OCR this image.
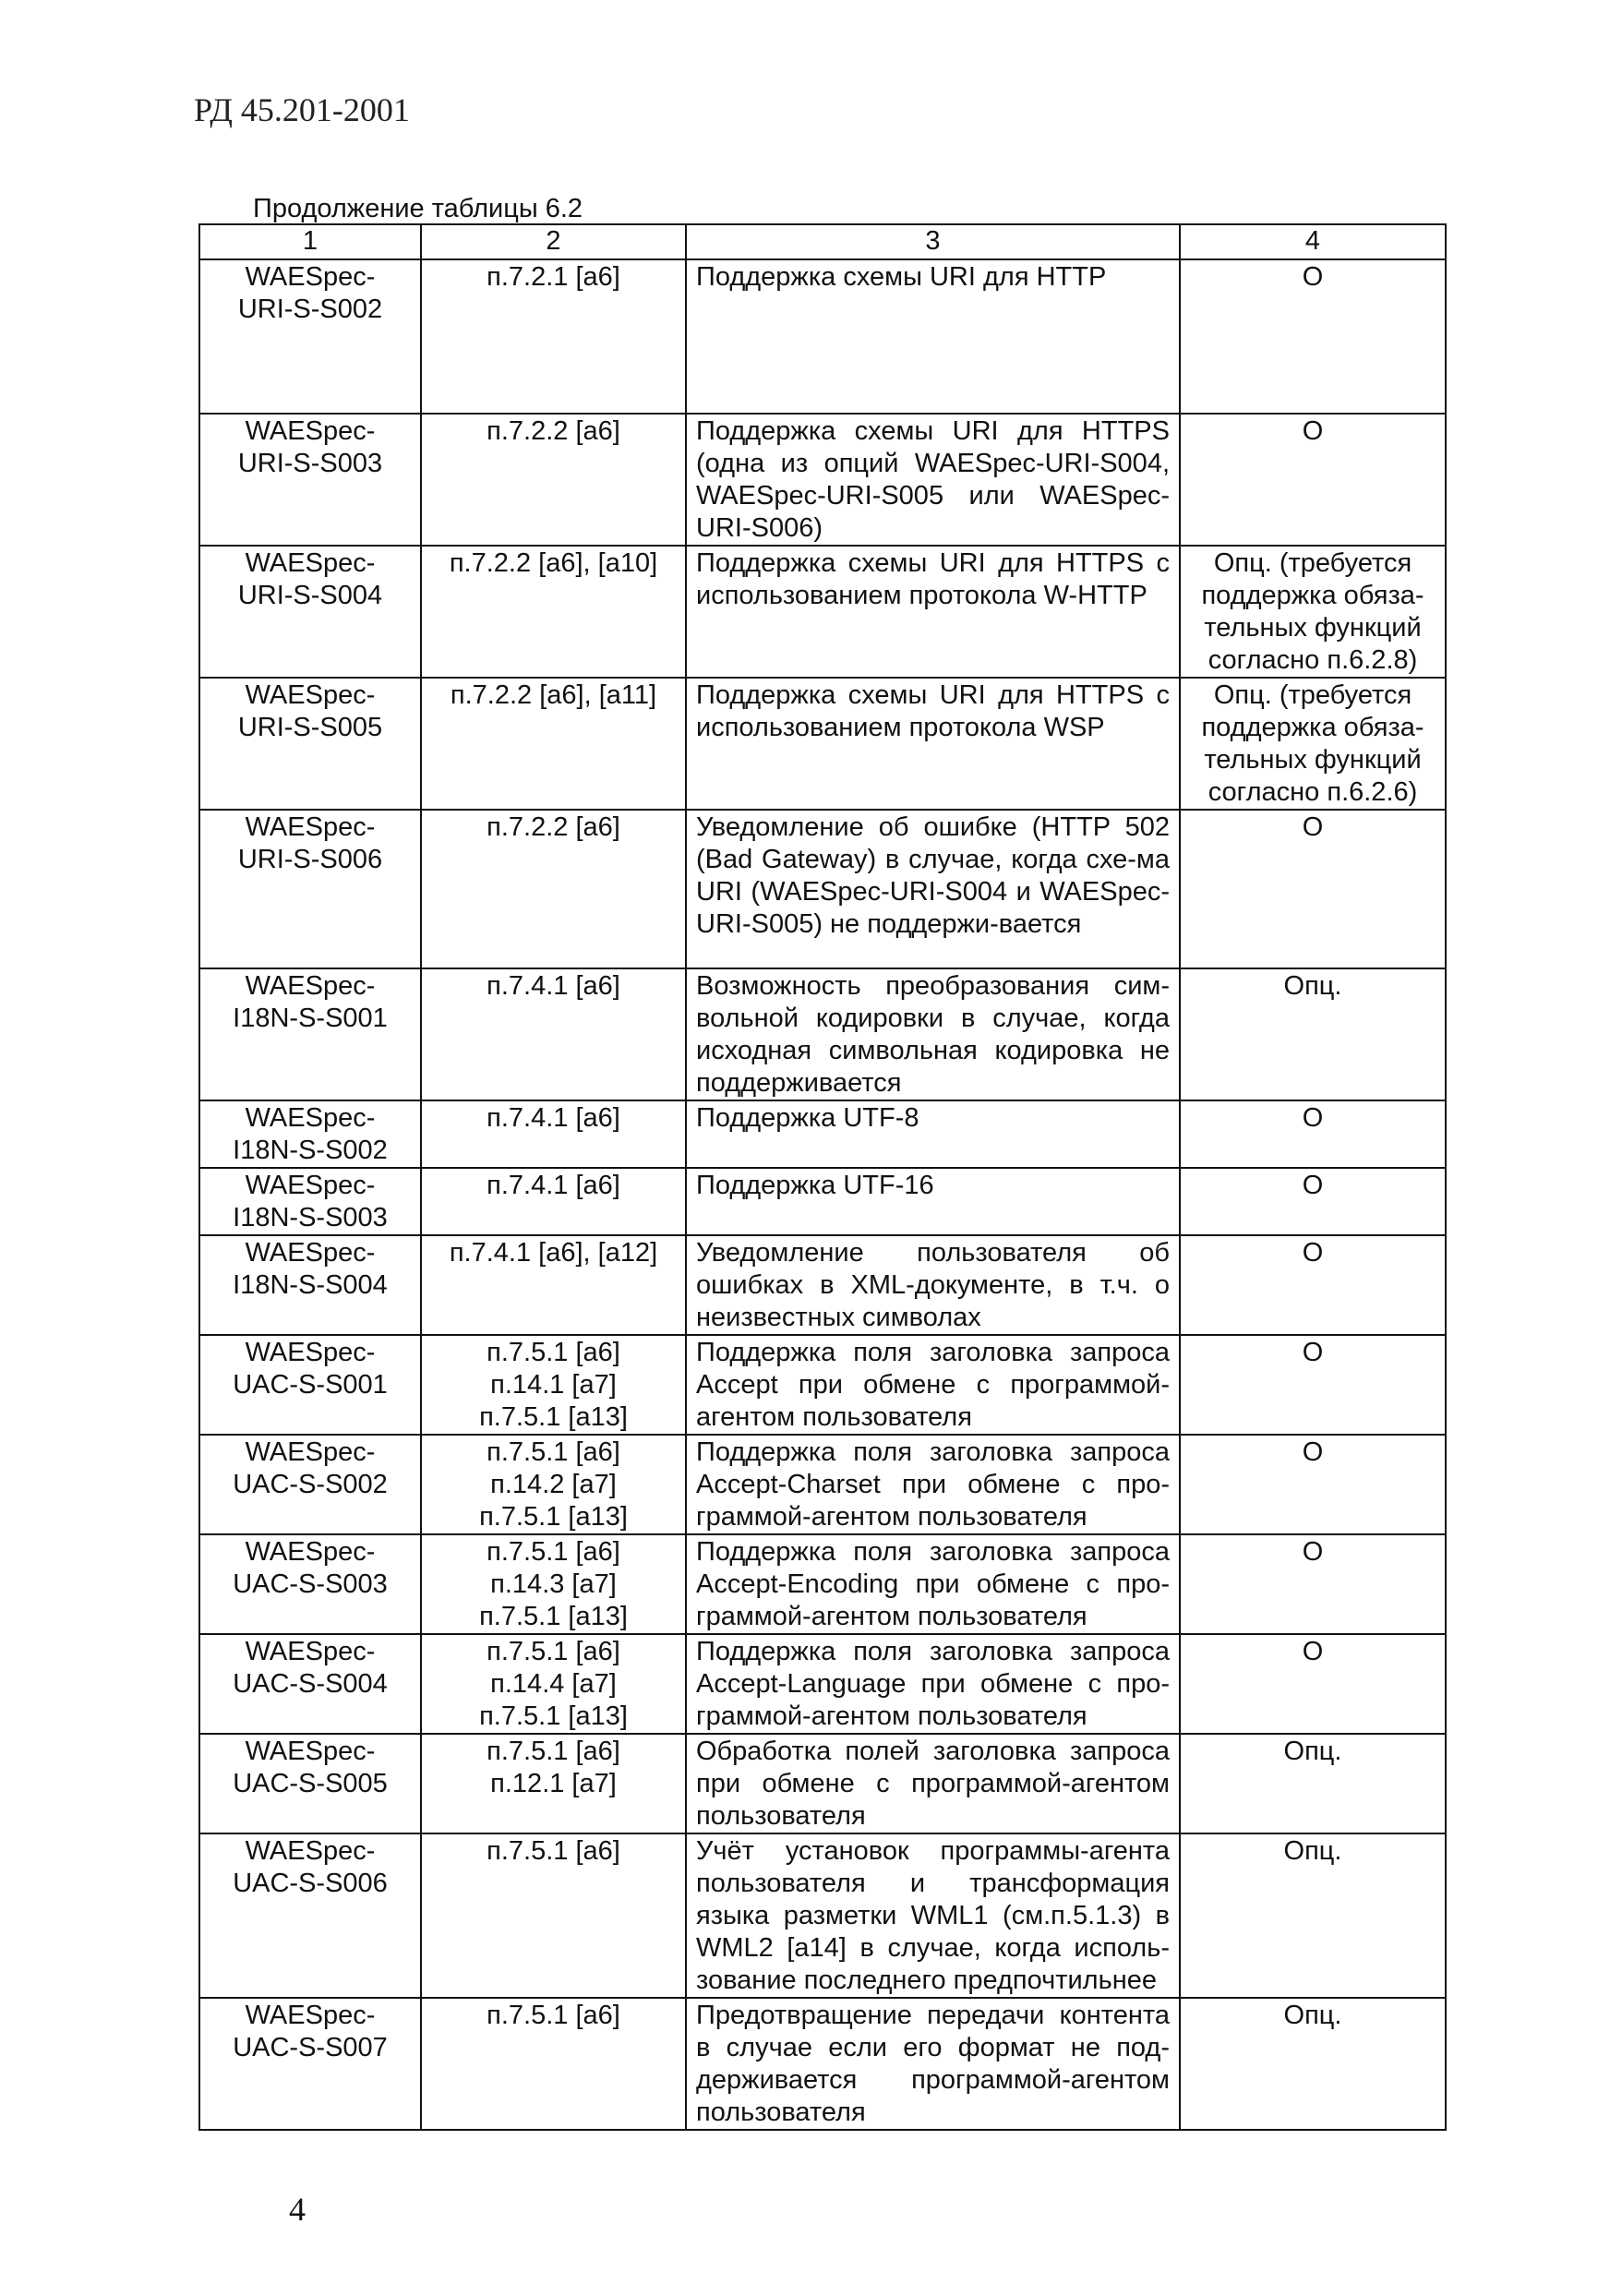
РД 45.201-2001
Продолжение таблицы 6.2
1	2	3	4
WAESpec-
URI-S-S002	п.7.2.1 [а6]	Поддержка схемы URI для HTTP	О
WAESpec-
URI-S-S003	п.7.2.2 [а6]	Поддержка схемы URI для HTTPS (одна из опций WAESpec-URI-S004, WAESpec-URI-S005 или WAESpec-URI-S006)	О
WAESpec-
URI-S-S004	п.7.2.2 [а6], [а10]	Поддержка схемы URI для HTTPS с использованием протокола W-HTTP	Опц. (требуется
поддержка обяза-
тельных функций
согласно п.6.2.8)
WAESpec-
URI-S-S005	п.7.2.2 [а6], [а11]	Поддержка схемы URI для HTTPS с использованием протокола WSP	Опц. (требуется
поддержка обяза-
тельных функций
согласно п.6.2.6)
WAESpec-
URI-S-S006	п.7.2.2 [а6]	Уведомление об ошибке (HTTP 502 (Bad Gateway) в случае, когда схе-ма URI (WAESpec-URI-S004 и WAESpec-URI-S005) не поддержи-вается	О
WAESpec-
I18N-S-S001	п.7.4.1 [а6]	Возможность преобразования сим-вольной кодировки в случае, когда исходная символьная кодировка не поддерживается	Опц.
WAESpec-
I18N-S-S002	п.7.4.1 [а6]	Поддержка UTF-8	О
WAESpec-
I18N-S-S003	п.7.4.1 [а6]	Поддержка UTF-16	О
WAESpec-
I18N-S-S004	п.7.4.1 [а6], [а12]	Уведомление пользователя об ошибках в XML-документе, в т.ч. о неизвестных символах	О
WAESpec-
UAC-S-S001	п.7.5.1 [а6]
п.14.1 [а7]
п.7.5.1 [а13]	Поддержка поля заголовка запроса Accept при обмене с программой-агентом пользователя	О
WAESpec-
UAC-S-S002	п.7.5.1 [а6]
п.14.2 [а7]
п.7.5.1 [а13]	Поддержка поля заголовка запроса Accept-Charset при обмене с про-граммой-агентом пользователя	О
WAESpec-
UAC-S-S003	п.7.5.1 [а6]
п.14.3 [а7]
п.7.5.1 [а13]	Поддержка поля заголовка запроса Accept-Encoding при обмене с про-граммой-агентом пользователя	О
WAESpec-
UAC-S-S004	п.7.5.1 [а6]
п.14.4 [а7]
п.7.5.1 [а13]	Поддержка поля заголовка запроса Accept-Language при обмене с про-граммой-агентом пользователя	О
WAESpec-
UAC-S-S005	п.7.5.1 [а6]
п.12.1 [а7]	Обработка полей заголовка запроса при обмене с программой-агентом пользователя	Опц.
WAESpec-
UAC-S-S006	п.7.5.1 [а6]	Учёт установок программы-агента пользователя и трансформация языка разметки WML1 (см.п.5.1.3) в WML2 [а14] в случае, когда исполь-зование последнего предпочтильнее	Опц.
WAESpec-
UAC-S-S007	п.7.5.1 [а6]	Предотвращение передачи контента в случае если его формат не под-держивается программой-агентом пользователя	Опц.
4
